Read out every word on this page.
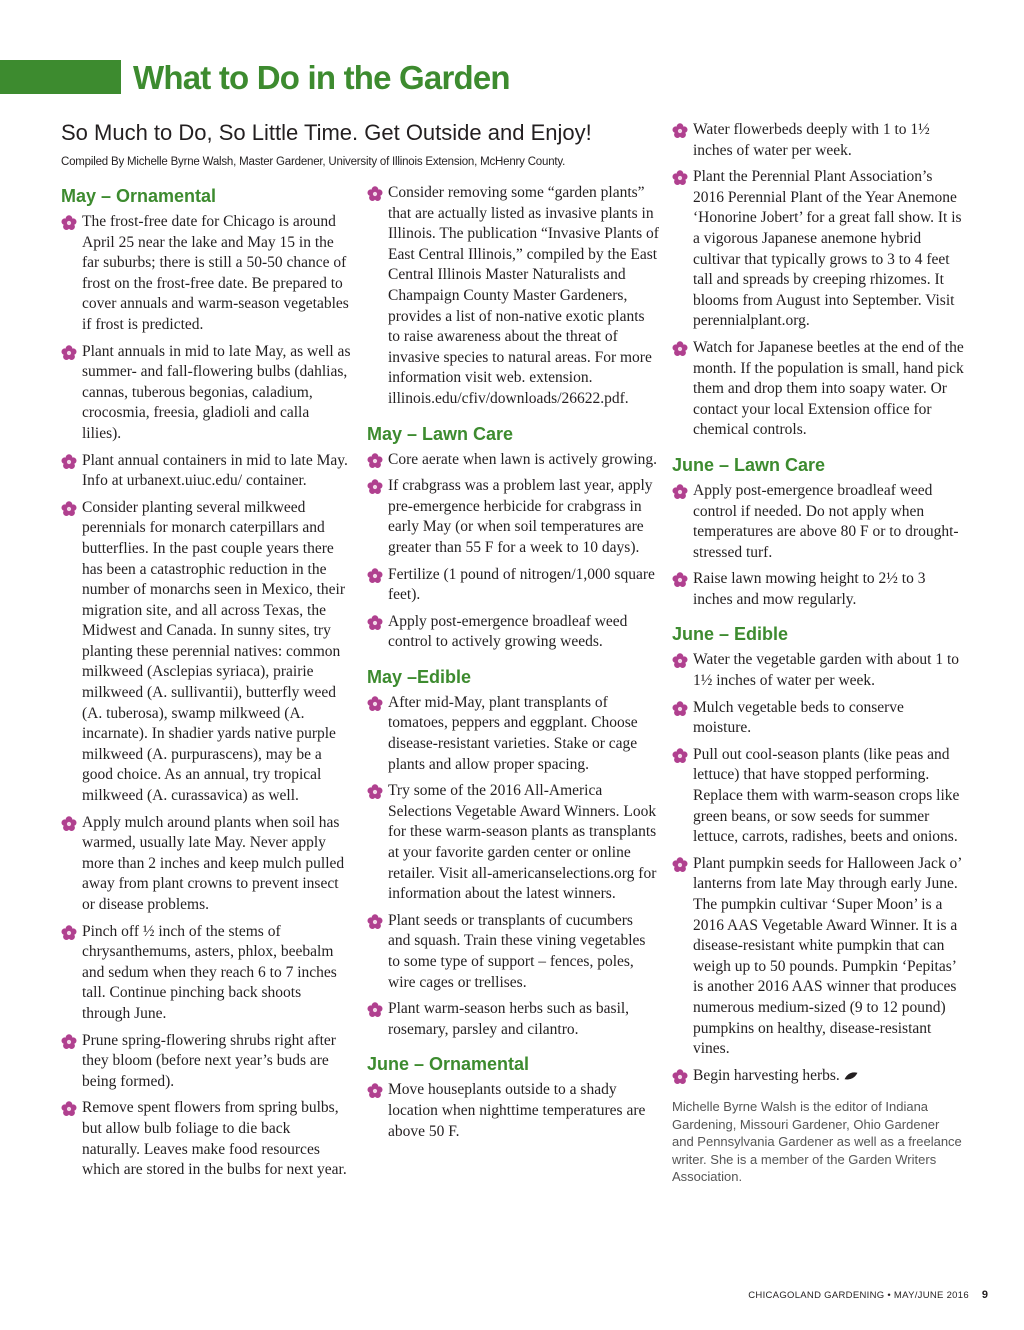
What to Do in the Garden
So Much to Do, So Little Time. Get Outside and Enjoy!

Compiled By Michelle Byrne Walsh, Master Gardener, University of Illinois Extension, McHenry County.

May – Ornamental
The frost-free date for Chicago is around April 25 near the lake and May 15 in the far suburbs; there is still a 50-50 chance of frost on the frost-free date. Be prepared to cover annuals and warm-season vegetables if frost is predicted.
Plant annuals in mid to late May, as well as summer- and fall-flowering bulbs (dahlias, cannas, tuberous begonias, caladium, crocosmia, freesia, gladioli and calla lilies).
Plant annual containers in mid to late May. Info at urbanext.uiuc.edu/ container.
Consider planting several milkweed perennials for monarch caterpillars and butterflies. In the past couple years there has been a catastrophic reduction in the number of monarchs seen in Mexico, their migration site, and all across Texas, the Midwest and Canada. In sunny sites, try planting these perennial natives: common milkweed (Asclepias syriaca), prairie milkweed (A. sullivantii), butterfly weed (A. tuberosa), swamp milkweed (A. incarnate). In shadier yards native purple milkweed (A. purpurascens), may be a good choice. As an annual, try tropical milkweed (A. curassavica) as well.
Apply mulch around plants when soil has warmed, usually late May. Never apply more than 2 inches and keep mulch pulled away from plant crowns to prevent insect or disease problems.
Pinch off ½ inch of the stems of chrysanthemums, asters, phlox, beebalm and sedum when they reach 6 to 7 inches tall. Continue pinching back shoots through June.
Prune spring-flowering shrubs right after they bloom (before next year’s buds are being formed).
Remove spent flowers from spring bulbs, but allow bulb foliage to die back naturally. Leaves make food resources which are stored in the bulbs for next year.
Consider removing some “garden plants” that are actually listed as invasive plants in Illinois. The publication “Invasive Plants of East Central Illinois,” compiled by the East Central Illinois Master Naturalists and Champaign County Master Gardeners, provides a list of non-native exotic plants to raise awareness about the threat of invasive species to natural areas. For more information visit web. extension. illinois.edu/cfiv/downloads/26622.pdf.
May – Lawn Care
Core aerate when lawn is actively growing.
If crabgrass was a problem last year, apply pre-emergence herbicide for crabgrass in early May (or when soil temperatures are greater than 55 F for a week to 10 days).
Fertilize (1 pound of nitrogen/1,000 square feet).
Apply post-emergence broadleaf weed control to actively growing weeds.
May –Edible
After mid-May, plant transplants of tomatoes, peppers and eggplant. Choose disease-resistant varieties. Stake or cage plants and allow proper spacing.
Try some of the 2016 All-America Selections Vegetable Award Winners. Look for these warm-season plants as transplants at your favorite garden center or online retailer. Visit all-americanselections.org for information about the latest winners.
Plant seeds or transplants of cucumbers and squash. Train these vining vegetables to some type of support – fences, poles, wire cages or trellises.
Plant warm-season herbs such as basil, rosemary, parsley and cilantro.
June – Ornamental
Move houseplants outside to a shady location when nighttime temperatures are above 50 F.
Water flowerbeds deeply with 1 to 1½ inches of water per week.
Plant the Perennial Plant Association’s 2016 Perennial Plant of the Year Anemone ‘Honorine Jobert’ for a great fall show. It is a vigorous Japanese anemone hybrid cultivar that typically grows to 3 to 4 feet tall and spreads by creeping rhizomes. It blooms from August into September. Visit perennialplant.org.
Watch for Japanese beetles at the end of the month. If the population is small, hand pick them and drop them into soapy water. Or contact your local Extension office for chemical controls.
June – Lawn Care
Apply post-emergence broadleaf weed control if needed. Do not apply when temperatures are above 80 F or to drought-stressed turf.
Raise lawn mowing height to 2½ to 3 inches and mow regularly.
June – Edible
Water the vegetable garden with about 1 to 1½ inches of water per week.
Mulch vegetable beds to conserve moisture.
Pull out cool-season plants (like peas and lettuce) that have stopped performing. Replace them with warm-season crops like green beans, or sow seeds for summer lettuce, carrots, radishes, beets and onions.
Plant pumpkin seeds for Halloween Jack o’ lanterns from late May through early June. The pumpkin cultivar ‘Super Moon’ is a 2016 AAS Vegetable Award Winner. It is a disease-resistant white pumpkin that can weigh up to 50 pounds. Pumpkin ‘Pepitas’ is another 2016 AAS winner that produces numerous medium-sized (9 to 12 pound) pumpkins on healthy, disease-resistant vines.
Begin harvesting herbs.

Michelle Byrne Walsh is the editor of Indiana Gardening, Missouri Gardener, Ohio Gardener and Pennsylvania Gardener as well as a freelance writer. She is a member of the Garden Writers Association.

CHICAGOLAND GARDENING • MAY/JUNE 2016 9
